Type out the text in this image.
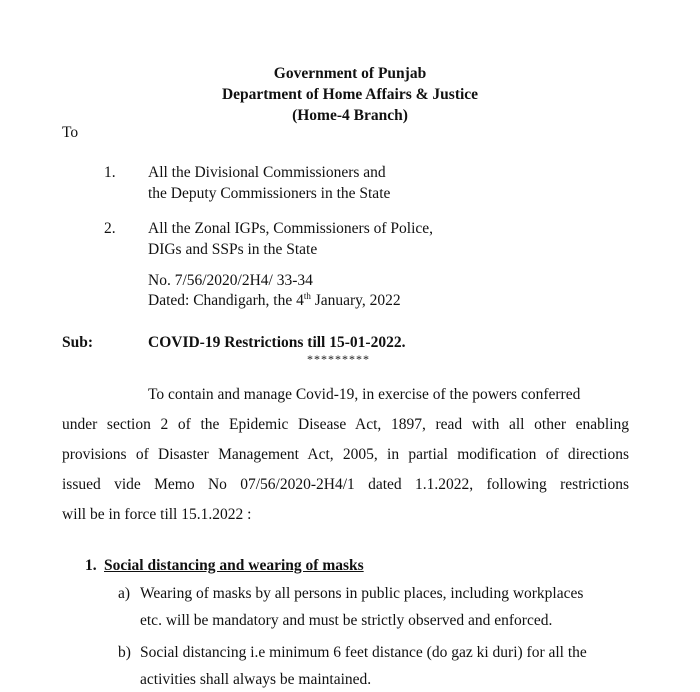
Government of Punjab
Department of Home Affairs & Justice
(Home-4 Branch)
To
1. All the Divisional Commissioners and
the Deputy Commissioners in the State
2. All the Zonal IGPs, Commissioners of Police,
DIGs and SSPs in the State
No. 7/56/2020/2H4/ 33-34
Dated: Chandigarh, the 4th January, 2022
Sub:	COVID-19 Restrictions till 15-01-2022.
*********
To contain and manage Covid-19, in exercise of the powers conferred
under section 2 of the Epidemic Disease Act, 1897, read with all other enabling
provisions of Disaster Management Act, 2005, in partial modification of directions
issued vide Memo No 07/56/2020-2H4/1 dated 1.1.2022, following restrictions
will be in force till 15.1.2022 :
1. Social distancing and wearing of masks
a) Wearing of masks by all persons in public places, including workplaces
etc. will be mandatory and must be strictly observed and enforced.
b) Social distancing i.e minimum 6 feet distance (do gaz ki duri) for all the
activities shall always be maintained.
